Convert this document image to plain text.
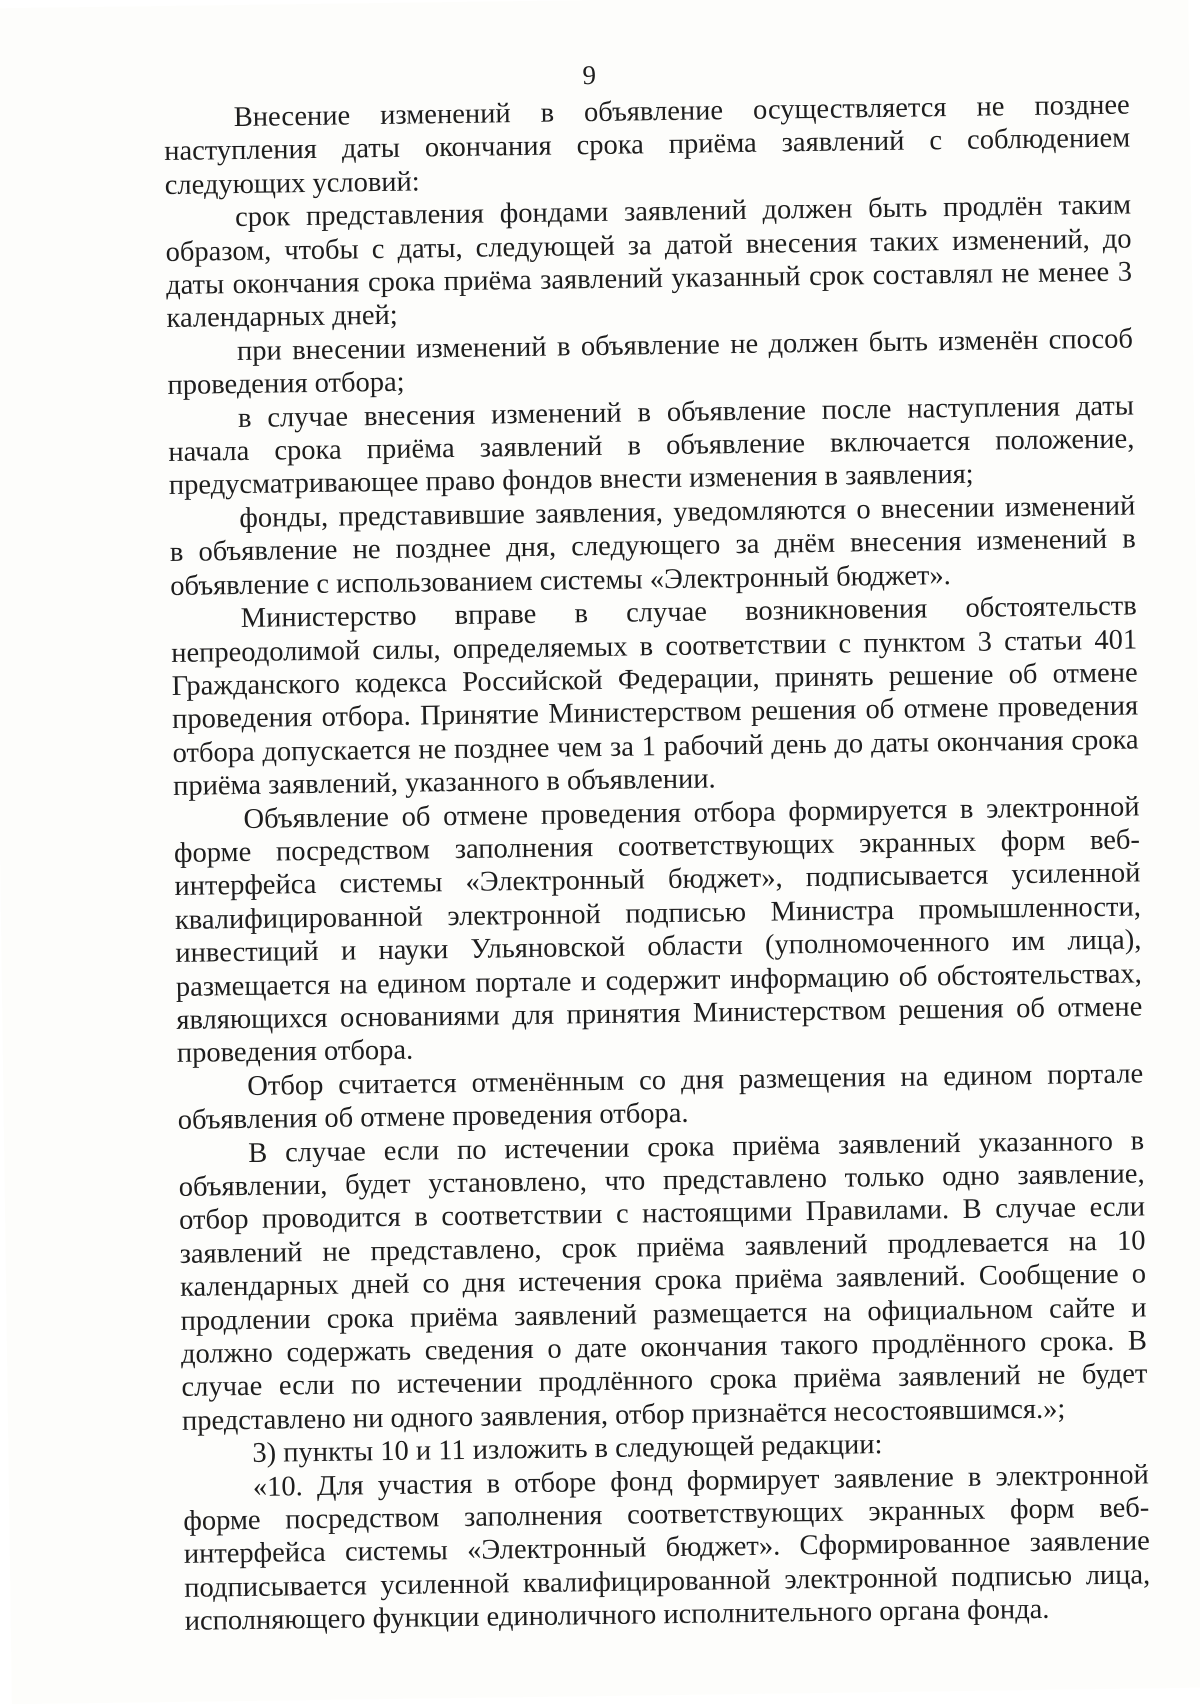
9

Внесение изменений в объявление осуществляется не позднее наступления даты окончания срока приёма заявлений с соблюдением следующих условий:

срок представления фондами заявлений должен быть продлён таким образом, чтобы с даты, следующей за датой внесения таких изменений, до даты окончания срока приёма заявлений указанный срок составлял не менее 3 календарных дней;

при внесении изменений в объявление не должен быть изменён способ проведения отбора;

в случае внесения изменений в объявление после наступления даты начала срока приёма заявлений в объявление включается положение, предусматривающее право фондов внести изменения в заявления;

фонды, представившие заявления, уведомляются о внесении изменений в объявление не позднее дня, следующего за днём внесения изменений в объявление с использованием системы «Электронный бюджет».

Министерство вправе в случае возникновения обстоятельств непреодолимой силы, определяемых в соответствии с пунктом 3 статьи 401 Гражданского кодекса Российской Федерации, принять решение об отмене проведения отбора. Принятие Министерством решения об отмене проведения отбора допускается не позднее чем за 1 рабочий день до даты окончания срока приёма заявлений, указанного в объявлении.

Объявление об отмене проведения отбора формируется в электронной форме посредством заполнения соответствующих экранных форм веб-интерфейса системы «Электронный бюджет», подписывается усиленной квалифицированной электронной подписью Министра промышленности, инвестиций и науки Ульяновской области (уполномоченного им лица), размещается на едином портале и содержит информацию об обстоятельствах, являющихся основаниями для принятия Министерством решения об отмене проведения отбора.

Отбор считается отменённым со дня размещения на едином портале объявления об отмене проведения отбора.

В случае если по истечении срока приёма заявлений указанного в объявлении, будет установлено, что представлено только одно заявление, отбор проводится в соответствии с настоящими Правилами. В случае если заявлений не представлено, срок приёма заявлений продлевается на 10 календарных дней со дня истечения срока приёма заявлений. Сообщение о продлении срока приёма заявлений размещается на официальном сайте и должно содержать сведения о дате окончания такого продлённого срока. В случае если по истечении продлённого срока приёма заявлений не будет представлено ни одного заявления, отбор признаётся несостоявшимся.»;

3) пункты 10 и 11 изложить в следующей редакции:

«10. Для участия в отборе фонд формирует заявление в электронной форме посредством заполнения соответствующих экранных форм веб-интерфейса системы «Электронный бюджет». Сформированное заявление подписывается усиленной квалифицированной электронной подписью лица, исполняющего функции единоличного исполнительного органа фонда.
